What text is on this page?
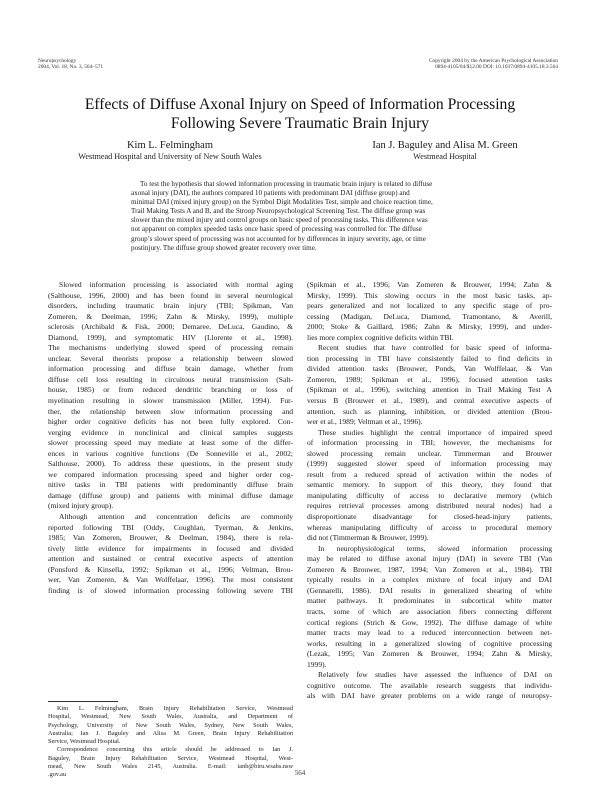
Neuropsychology
2004, Vol. 18, No. 3, 564–571
Copyright 2004 by the American Psychological Association
0894-4105/04/$12.00 DOI: 10.1037/0894-4105.18.3.564
Effects of Diffuse Axonal Injury on Speed of Information Processing
Following Severe Traumatic Brain Injury
Kim L. Felmingham
Westmead Hospital and University of New South Wales
Ian J. Baguley and Alisa M. Green
Westmead Hospital
To test the hypothesis that slowed information processing in traumatic brain injury is related to diffuse
axonal injury (DAI), the authors compared 10 patients with predominant DAI (diffuse group) and
minimal DAI (mixed injury group) on the Symbol Digit Modalities Test, simple and choice reaction time,
Trail Making Tests A and B, and the Stroop Neuropsychological Screening Test. The diffuse group was
slower than the mixed injury and control groups on basic speed of processing tasks. This difference was
not apparent on complex speeded tasks once basic speed of processing was controlled for. The diffuse
group’s slower speed of processing was not accounted for by differences in injury severity, age, or time
postinjury. The diffuse group showed greater recovery over time.
Slowed information processing is associated with normal aging
(Salthouse, 1996, 2000) and has been found in several neurological
disorders, including traumatic brain injury (TBI; Spikman, Van
Zomeren, & Deelman, 1996; Zahn & Mirsky, 1999), multiple
sclerosis (Archibald & Fisk, 2000; Demaree, DeLuca, Gaudino, &
Diamond, 1999), and symptomatic HIV (Llorente et al., 1998).
The mechanisms underlying slowed speed of processing remain
unclear. Several theorists propose a relationship between slowed
information processing and diffuse brain damage, whether from
diffuse cell loss resulting in circuitous neural transmission (Salt-
house, 1985) or from reduced dendritic branching or loss of
myelination resulting in slower transmission (Miller, 1994). Fur-
ther, the relationship between slow information processing and
higher order cognitive deficits has not been fully explored. Con-
verging evidence in nonclinical and clinical samples suggests
slower processing speed may mediate at least some of the differ-
ences in various cognitive functions (De Sonneville et al., 2002;
Salthouse, 2000). To address these questions, in the present study
we compared information processing speed and higher order cog-
nitive tasks in TBI patients with predominantly diffuse brain
damage (diffuse group) and patients with minimal diffuse damage
(mixed injury group).
Although attention and concentration deficits are commonly
reported following TBI (Oddy, Coughlan, Tyerman, & Jenkins,
1985; Van Zomeren, Brouwer, & Deelman, 1984), there is rela-
tively little evidence for impairments in focused and divided
attention and sustained or central executive aspects of attention
(Ponsford & Kinsella, 1992; Spikman et al., 1996; Veltman, Brou-
wer, Van Zomeren, & Van Wolffelaar, 1996). The most consistent
finding is of slowed information processing following severe TBI
(Spikman et al., 1996; Van Zomeren & Brouwer, 1994; Zahn &
Mirsky, 1999). This slowing occurs in the most basic tasks, ap-
pears generalized and not localized to any specific stage of pro-
cessing (Madigan, DeLuca, Diamond, Tramontano, & Averill,
2000; Stoke & Gaillard, 1986; Zahn & Mirsky, 1999), and under-
lies more complex cognitive deficits within TBI.
Recent studies that have controlled for basic speed of informa-
tion processing in TBI have consistently failed to find deficits in
divided attention tasks (Brouwer, Ponds, Van Wolffelaar, & Van
Zomeren, 1989; Spikman et al., 1996), focused attention tasks
(Spikman et al., 1996), switching attention in Trail Making Test A
versus B (Brouwer et al., 1989), and central executive aspects of
attention, such as planning, inhibition, or divided attention (Brou-
wer et al., 1989; Veltman et al., 1996).
These studies highlight the central importance of impaired speed
of information processing in TBI; however, the mechanisms for
slowed processing remain unclear. Timmerman and Brouwer
(1999) suggested slower speed of information processing may
result from a reduced spread of activation within the nodes of
semantic memory. In support of this theory, they found that
manipulating difficulty of access to declarative memory (which
requires retrieval processes among distributed neural nodes) had a
disproportionate disadvantage for closed-head-injury patients,
whereas manipulating difficulty of access to procedural memory
did not (Timmerman & Brouwer, 1999).
In neurophysiological terms, slowed information processing
may be related to diffuse axonal injury (DAI) in severe TBI (Van
Zomeren & Brouwer, 1987, 1994; Van Zomeren et al., 1984). TBI
typically results in a complex mixture of focal injury and DAI
(Gennarelli, 1986). DAI results in generalized shearing of white
matter pathways. It predominates in subcortical white matter
tracts, some of which are association fibers connecting different
cortical regions (Strich & Gow, 1992). The diffuse damage of white
matter tracts may lead to a reduced interconnection between net-
works, resulting in a generalized slowing of cognitive processing
(Lezak, 1995; Van Zomeren & Brouwer, 1994; Zahn & Mirsky,
1999).
Relatively few studies have assessed the influence of DAI on
cognitive outcome. The available research suggests that individu-
als with DAI have greater problems on a wide range of neuropsy-
Kim L. Felmingham, Brain Injury Rehabilitation Service, Westmead
Hospital, Westmead, New South Wales, Australia, and Department of
Psychology, University of New South Wales, Sydney, New South Wales,
Australia; Ian J. Baguley and Alisa M. Green, Brain Injury Rehabilitation
Service, Westmead Hospital.
Correspondence concerning this article should be addressed to Ian J.
Baguley, Brain Injury Rehabilitation Service, Westmead Hospital, West-
mead, New South Wales 2145, Australia. E-mail: ianb@biru.wsahs.nsw
.gov.au	564
